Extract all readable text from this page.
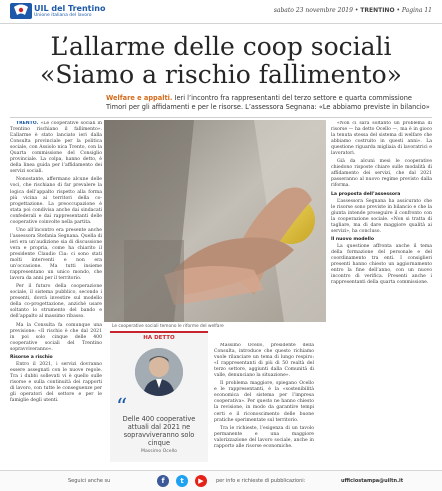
UIL del Trentino
Unione italiana del lavoro
sabato 23 novembre 2019 • TRENTINO • Pagina 11
L’allarme delle coop sociali
«Siamo a rischio fallimento»
Welfare e appalti. Ieri l’incontro fra rappresentanti del terzo settore e quarta commissione Timori per gli affidamenti e per le risorse. L’assessora Segnana: «Le abbiamo previste in bilancio»

TRENTO. «Le cooperative sociali in Trentino rischiano il fallimento». L’allarme è stato lanciato ieri dalla Consulta provinciale per la politica sociale, con Assiolo nica Trento, con la Quarta commissione del Consiglio provinciale. La colpa, hanno detto, è della linea guida per l’affidamento dei servizi sociali.

Nonostante, affermano alcune delle voci, che rischiano di far prevalere la logica dell’appalto rispetto alla forma più vicina ai territori della co-progettazione. La preoccupazione è stata poi condivisa anche dai sindacati confederali e dai rappresentanti delle cooperative coinvolte nella partita.

Uno all’incontro era presente anche l’assessora Stefania Segnana. Quella di ieri era un’audizione sia di discussione vera e propria, come ha chiarito il presidente Claudio Cia: ci sono stati molti interventi e non era un’occasione. Ma tutti insieme rappresentano un unico mondo, che lavora da anni per il territorio.

Per il futuro della cooperazione sociale, il sistema pubblico, secondo i presenti, dovrà investire sul modello della co-progettazione, anziché usare soltanto lo strumento del bando e dell’appalto al massimo ribasso.

Ma la Consulta fa comunque una previsione: «Il rischio è che dal 2021 in poi solo cinque delle 400 cooperative sociali del Trentino sopravviveranno».

Risorse a rischio

Entro il 2021, i servizi dovranno essere assegnati con le nuove regole. Tra i dubbi sollevati vi è quello sulle risorse e sulla continuità dei rapporti di lavoro, con tutte le conseguenze per gli operatori del settore e per le famiglie degli utenti.

Le cooperative sociali temono le riforme del welfare
HA DETTO
“
Delle 400 cooperative attuali dal 2021 ne sopravviveranno solo cinque
Massimo Ocello

Massimo Ocello, presidente della Consulta, introduce che questo richiamo vuole rilanciare un tema di lungo respiro: «I rappresentanti di più di 50 realtà del terzo settore, aggiunti dalla Comunità di valle, denunciano la situazione».

Il problema maggiore, spiegano Ocello e le rappresentanti, è la «sostenibilità economica del sistema per l’impresa cooperativa». Per questo ne hanno chiesto la revisione, in modo da garantire tempi certi e il riconoscimento delle buone pratiche sperimentate sul territorio.

Tra le richieste, l’esigenza di un tavolo permanente e una maggiore valorizzazione del lavoro sociale, anche in rapporto alle risorse economiche.

«Non ci sarà soltanto un problema di risorse — ha detto Ocello —, ma è in gioco la tenuta stessa del sistema di welfare che abbiamo costruito in questi anni». La questione riguarda migliaia di lavoratrici e lavoratori.

Già da alcuni mesi le cooperative chiedono risposte chiare sulle modalità di affidamento dei servizi, che dal 2021 passeranno al nuovo regime previsto dalla riforma.

La proposta dell’assessora

L’assessora Segnana ha assicurato che le risorse sono previste in bilancio e che la giunta intende proseguire il confronto con la cooperazione sociale. «Non si tratta di tagliare, ma di dare maggiore qualità ai servizi», ha concluso.

Il nuovo modello

La questione affronta anche il tema della formazione del personale e del coordinamento tra enti. I consiglieri presenti hanno chiesto un aggiornamento entro la fine dell’anno, con un nuovo incontro di verifica. Presenti anche i rappresentanti della quarta commissione.

Seguici anche su	f	t	▶	per info e richieste di pubblicazioni:	ufficiostampa@uiltn.it
